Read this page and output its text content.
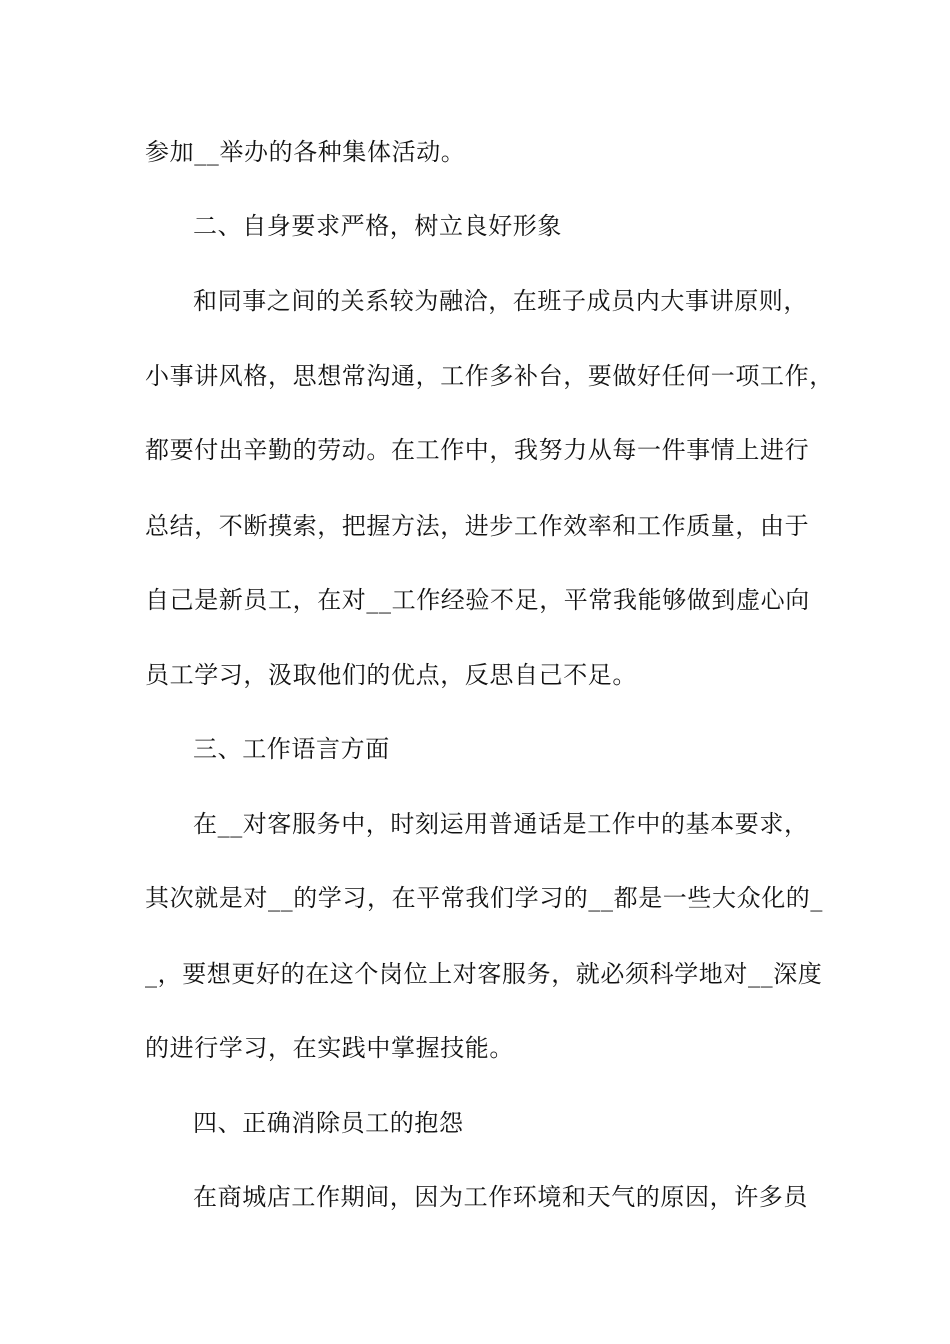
参加__举办的各种集体活动。
二、自身要求严格，树立良好形象
和同事之间的关系较为融洽，在班子成员内大事讲原则，
小事讲风格，思想常沟通，工作多补台，要做好任何一项工作，
都要付出辛勤的劳动。在工作中，我努力从每一件事情上进行
总结，不断摸索，把握方法，进步工作效率和工作质量，由于
自己是新员工，在对__工作经验不足，平常我能够做到虚心向
员工学习，汲取他们的优点，反思自己不足。
三、工作语言方面
在__对客服务中，时刻运用普通话是工作中的基本要求，
其次就是对__的学习，在平常我们学习的__都是一些大众化的_
_，要想更好的在这个岗位上对客服务，就必须科学地对__深度
的进行学习，在实践中掌握技能。
四、正确消除员工的抱怨
在商城店工作期间，因为工作环境和天气的原因，许多员
